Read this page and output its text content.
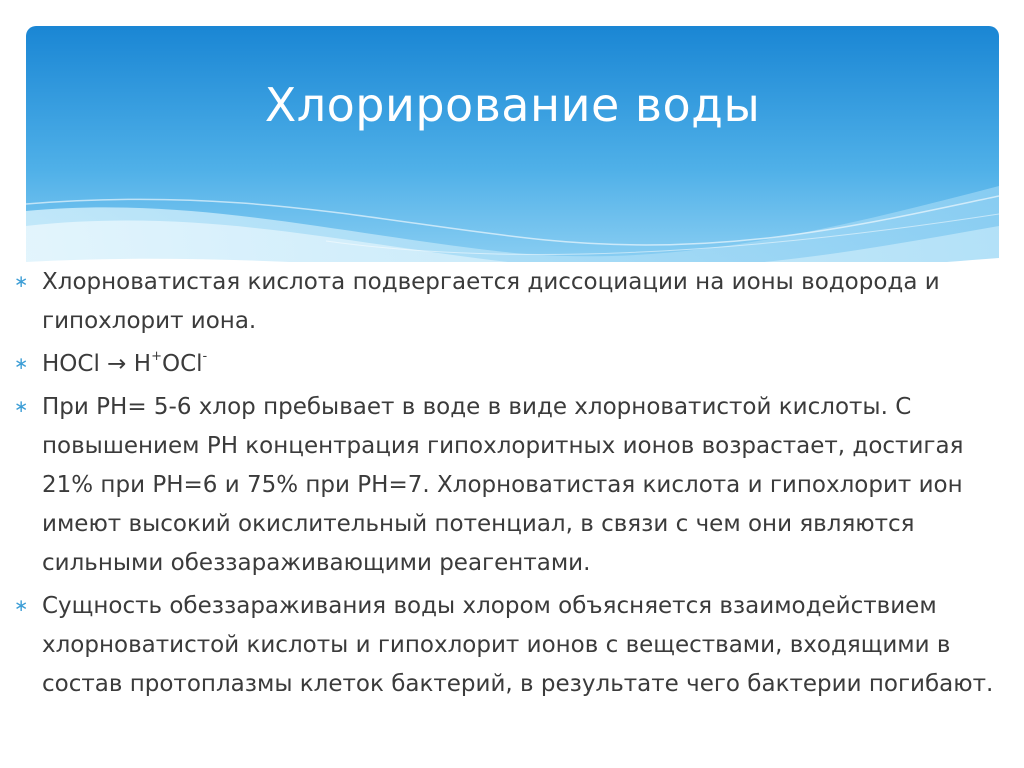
Хлорирование воды
∗ Хлорноватистая кислота подвергается диссоциации на ионы водорода и гипохлорит иона.
∗ HOCl → H+OCl-
∗ При PH= 5-6 хлор пребывает в воде в виде хлорноватистой кислоты. С повышением PH концентрация гипохлоритных ионов возрастает, достигая 21% при PH=6 и 75% при PH=7. Хлорноватистая кислота и гипохлорит ион имеют высокий окислительный потенциал, в связи с чем они являются сильными обеззараживающими реагентами.
∗ Сущность обеззараживания воды хлором объясняется взаимодействием хлорноватистой кислоты и гипохлорит ионов с веществами, входящими в состав протоплазмы клеток бактерий, в результате чего бактерии погибают.
